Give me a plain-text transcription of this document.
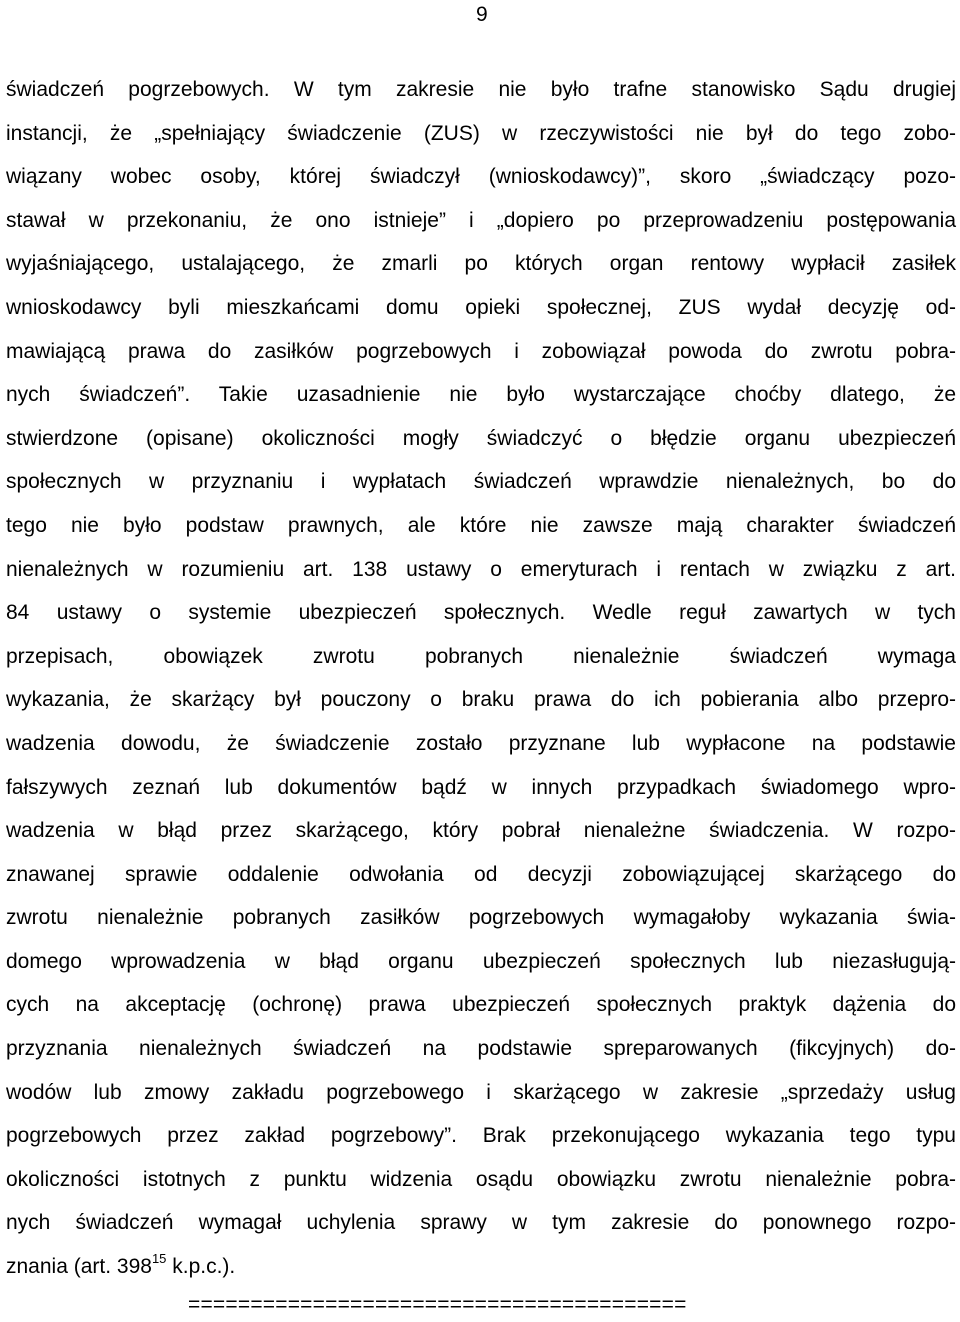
9
świadczeń pogrzebowych. W tym zakresie nie było trafne stanowisko Sądu drugiej
instancji, że „spełniający świadczenie (ZUS) w rzeczywistości nie był do tego zobo-
wiązany wobec osoby, której świadczył (wnioskodawcy)”, skoro „świadczący pozo-
stawał w przekonaniu, że ono istnieje” i „dopiero po przeprowadzeniu postępowania
wyjaśniającego, ustalającego, że zmarli po których organ rentowy wypłacił zasiłek
wnioskodawcy byli mieszkańcami domu opieki społecznej, ZUS wydał decyzję od-
mawiającą prawa do zasiłków pogrzebowych i zobowiązał powoda do zwrotu pobra-
nych świadczeń”. Takie uzasadnienie nie było wystarczające choćby dlatego, że
stwierdzone (opisane) okoliczności mogły świadczyć o błędzie organu ubezpieczeń
społecznych w przyznaniu i wypłatach świadczeń wprawdzie nienależnych, bo do
tego nie było podstaw prawnych, ale które nie zawsze mają charakter świadczeń
nienależnych w rozumieniu art. 138 ustawy o emeryturach i rentach w związku z art.
84 ustawy o systemie ubezpieczeń społecznych. Wedle reguł zawartych w tych
przepisach, obowiązek zwrotu pobranych nienależnie świadczeń wymaga
wykazania, że skarżący był pouczony o braku prawa do ich pobierania albo przepro-
wadzenia dowodu, że świadczenie zostało przyznane lub wypłacone na podstawie
fałszywych zeznań lub dokumentów bądź w innych przypadkach świadomego wpro-
wadzenia w błąd przez skarżącego, który pobrał nienależne świadczenia. W rozpo-
znawanej sprawie oddalenie odwołania od decyzji zobowiązującej skarżącego do
zwrotu nienależnie pobranych zasiłków pogrzebowych wymagałoby wykazania świa-
domego wprowadzenia w błąd organu ubezpieczeń społecznych lub niezasługują-
cych na akceptację (ochronę) prawa ubezpieczeń społecznych praktyk dążenia do
przyznania nienależnych świadczeń na podstawie spreparowanych (fikcyjnych) do-
wodów lub zmowy zakładu pogrzebowego i skarżącego w zakresie „sprzedaży usług
pogrzebowych przez zakład pogrzebowy”. Brak przekonującego wykazania tego typu
okoliczności istotnych z punktu widzenia osądu obowiązku zwrotu nienależnie pobra-
nych świadczeń wymagał uchylenia sprawy w tym zakresie do ponownego rozpo-
znania (art. 398$^{15}$ k.p.c.).
========================================
